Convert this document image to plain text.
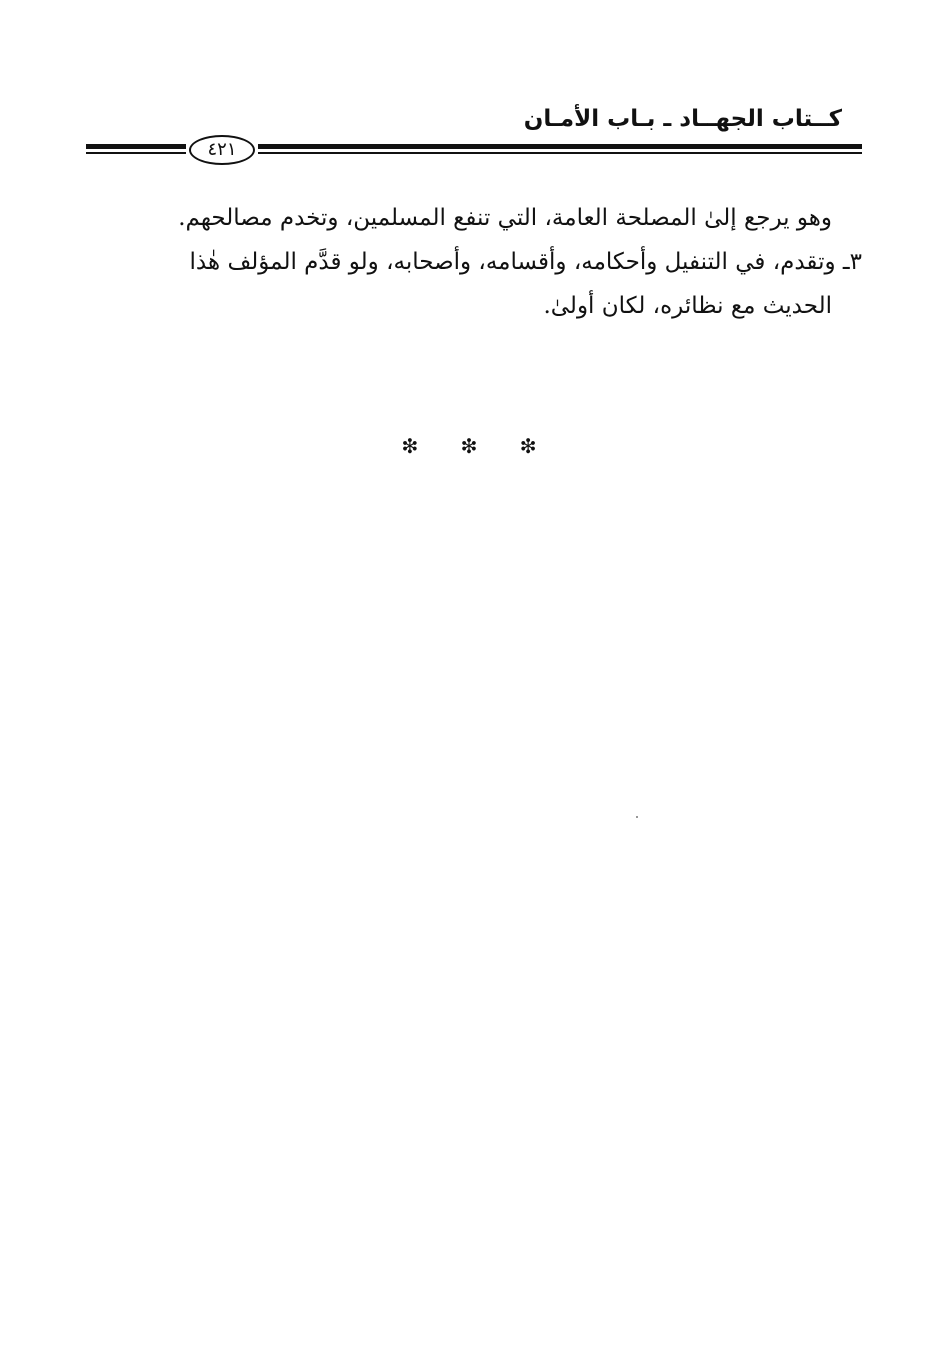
كــتاب الجهــاد ـ بـاب الأمـان
٤٢١

وهو يرجع إلىٰ المصلحة العامة، التي تنفع المسلمين، وتخدم مصالحهم.

٣ـ وتقدم، في التنفيل وأحكامه، وأقسامه، وأصحابه، ولو قدَّم المؤلف هٰذا
الحديث مع نظائره، لكان أولىٰ.

❇ ❇ ❇
